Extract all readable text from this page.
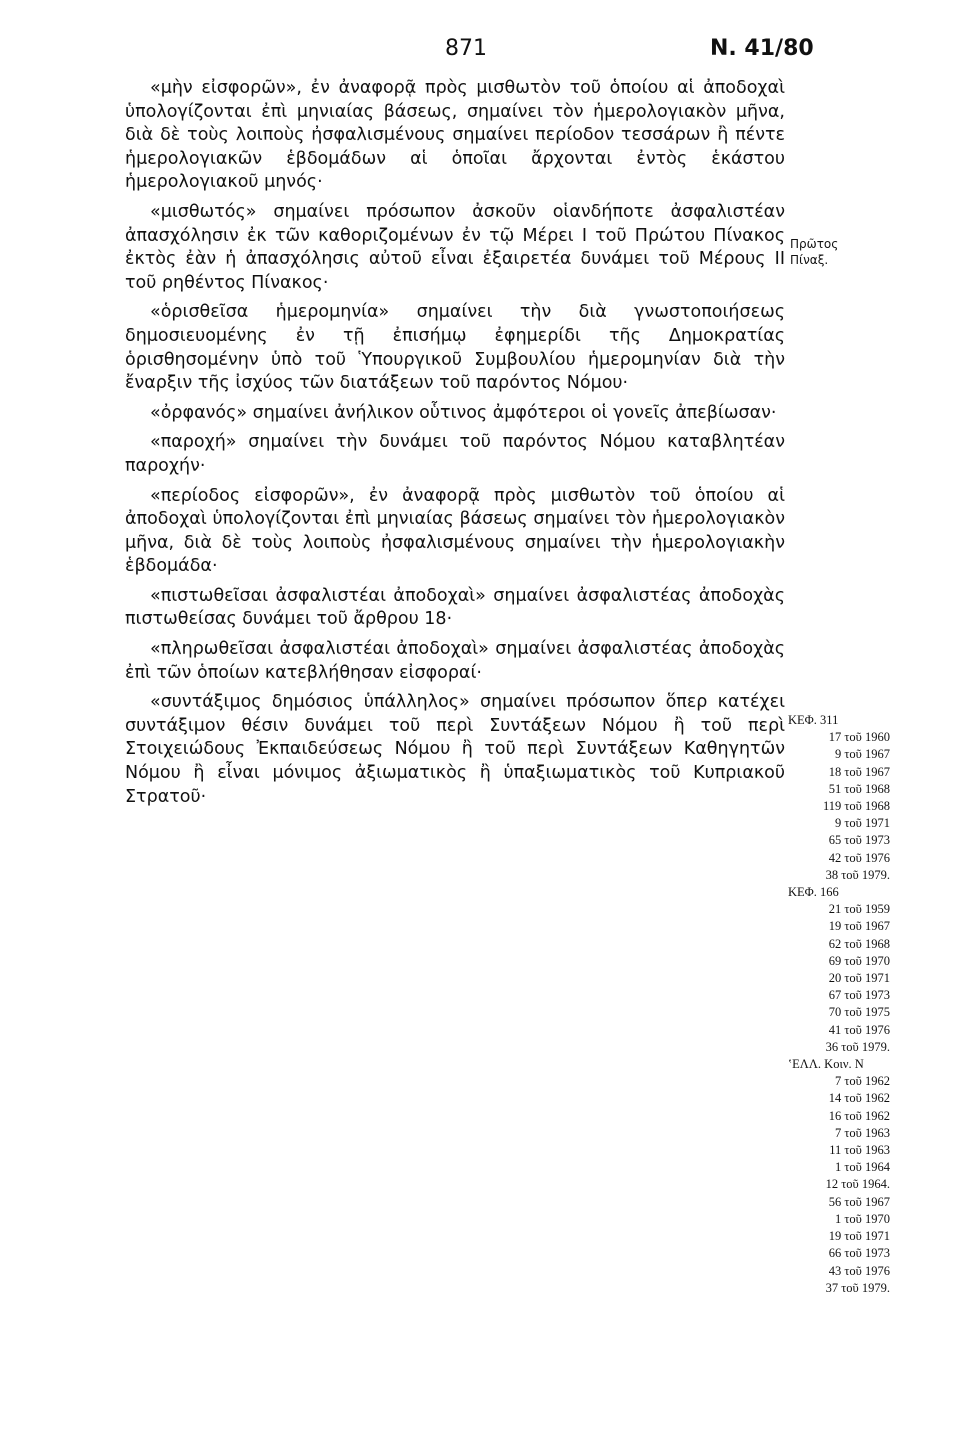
871	Ν. 41/80

«μὴν εἰσφορῶν», ἐν ἀναφορᾷ πρὸς μισθωτὸν τοῦ ὁποίου αἱ ἀποδοχαὶ ὑπολογίζονται ἐπὶ μηνιαίας βάσεως, σημαίνει τὸν ἡμερολογιακὸν μῆνα, διὰ δὲ τοὺς λοιποὺς ἠσφαλισμένους σημαίνει περίοδον τεσσάρων ἢ πέντε ἡμερολογιακῶν ἑβδομάδων αἱ ὁποῖαι ἄρχονται ἐντὸς ἑκάστου ἡμερολογιακοῦ μηνός·

«μισθωτός» σημαίνει πρόσωπον ἀσκοῦν οἱανδήποτε ἀσφαλιστέαν ἀπασχόλησιν ἐκ τῶν καθοριζομένων ἐν τῷ Μέρει I τοῦ Πρώτου Πίνακος ἐκτὸς ἐὰν ἡ ἀπασχόλησις αὐτοῦ εἶναι ἐξαιρετέα δυνάμει τοῦ Μέρους II τοῦ ρηθέντος Πίνακος·

«ὁρισθεῖσα ἡμερομηνία» σημαίνει τὴν διὰ γνωστοποιήσεως δημοσιευομένης ἐν τῇ ἐπισήμῳ ἐφημερίδι τῆς Δημοκρατίας ὁρισθησομένην ὑπὸ τοῦ Ὑπουργικοῦ Συμβουλίου ἡμερομηνίαν διὰ τὴν ἔναρξιν τῆς ἰσχύος τῶν διατάξεων τοῦ παρόντος Νόμου·

«ὀρφανός» σημαίνει ἀνήλικον οὗτινος ἀμφότεροι οἱ γονεῖς ἀπεβίωσαν·

«παροχή» σημαίνει τὴν δυνάμει τοῦ παρόντος Νόμου καταβλητέαν παροχήν·

«περίοδος εἰσφορῶν», ἐν ἀναφορᾷ πρὸς μισθωτὸν τοῦ ὁποίου αἱ ἀποδοχαὶ ὑπολογίζονται ἐπὶ μηνιαίας βάσεως σημαίνει τὸν ἡμερολογιακὸν μῆνα, διὰ δὲ τοὺς λοιποὺς ἠσφαλισμένους σημαίνει τὴν ἡμερολογιακὴν ἑβδομάδα·

«πιστωθεῖσαι ἀσφαλιστέαι ἀποδοχαὶ» σημαίνει ἀσφαλιστέας ἀποδοχὰς πιστωθείσας δυνάμει τοῦ ἄρθρου 18·

«πληρωθεῖσαι ἀσφαλιστέαι ἀποδοχαὶ» σημαίνει ἀσφαλιστέας ἀποδοχὰς ἐπὶ τῶν ὁποίων κατεβλήθησαν εἰσφοραί·

«συντάξιμος δημόσιος ὑπάλληλος» σημαίνει πρόσωπον ὅπερ κατέχει συντάξιμον θέσιν δυνάμει τοῦ περὶ Συντάξεων Νόμου ἢ τοῦ περὶ Στοιχειώδους Ἐκπαιδεύσεως Νόμου ἢ τοῦ περὶ Συντάξεων Καθηγητῶν Νόμου ἢ εἶναι μόνιμος ἀξιωματικὸς ἢ ὑπαξιωματικὸς τοῦ Κυπριακοῦ Στρατοῦ·

Πρῶτος
Πίναξ.
ΚΕΦ. 311
17 τοῦ 1960
9 τοῦ 1967
18 τοῦ 1967
51 τοῦ 1968
119 τοῦ 1968
9 τοῦ 1971
65 τοῦ 1973
42 τοῦ 1976
38 τοῦ 1979.
ΚΕΦ. 166
21 τοῦ 1959
19 τοῦ 1967
62 τοῦ 1968
69 τοῦ 1970
20 τοῦ 1971
67 τοῦ 1973
70 τοῦ 1975
41 τοῦ 1976
36 τοῦ 1979.
ʽΕΛΛ. Κοιν. Ν
7 τοῦ 1962
14 τοῦ 1962
16 τοῦ 1962
7 τοῦ 1963
11 τοῦ 1963
1 τοῦ 1964
12 τοῦ 1964.
56 τοῦ 1967
1 τοῦ 1970
19 τοῦ 1971
66 τοῦ 1973
43 τοῦ 1976
37 τοῦ 1979.
